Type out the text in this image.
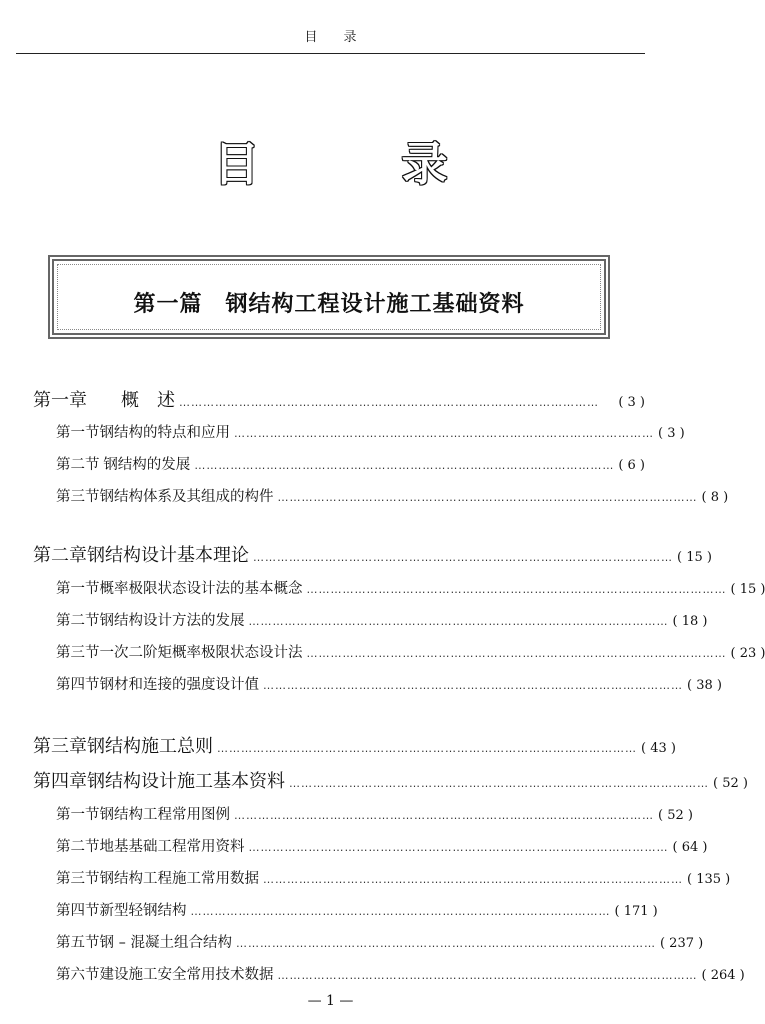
目　　录
目	录
第一篇　钢结构工程设计施工基础资料
第一章	概　述 ……………………………………………………………………………………………	( 3 )
第一节 钢结构的特点和应用 …………………………………………………………………………………………… ( 3 )
第二节 钢结构的发展 …………………………………………………………………………………………… ( 6 )
第三节 钢结构体系及其组成的构件 …………………………………………………………………………………………… ( 8 )
第二章 钢结构设计基本理论 …………………………………………………………………………………………… ( 15 )
第一节 概率极限状态设计法的基本概念 …………………………………………………………………………………………… ( 15 )
第二节 钢结构设计方法的发展 …………………………………………………………………………………………… ( 18 )
第三节 一次二阶矩概率极限状态设计法 …………………………………………………………………………………………… ( 23 )
第四节 钢材和连接的强度设计值 …………………………………………………………………………………………… ( 38 )
第三章 钢结构施工总则 …………………………………………………………………………………………… ( 43 )
第四章 钢结构设计施工基本资料 …………………………………………………………………………………………… ( 52 )
第一节 钢结构工程常用图例 …………………………………………………………………………………………… ( 52 )
第二节 地基基础工程常用资料 …………………………………………………………………………………………… ( 64 )
第三节 钢结构工程施工常用数据 …………………………………………………………………………………………… ( 135 )
第四节 新型轻钢结构 …………………………………………………………………………………………… ( 171 )
第五节 钢 – 混凝土组合结构 …………………………………………………………………………………………… ( 237 )
第六节 建设施工安全常用技术数据 …………………………………………………………………………………………… ( 264 )
— 1 —
